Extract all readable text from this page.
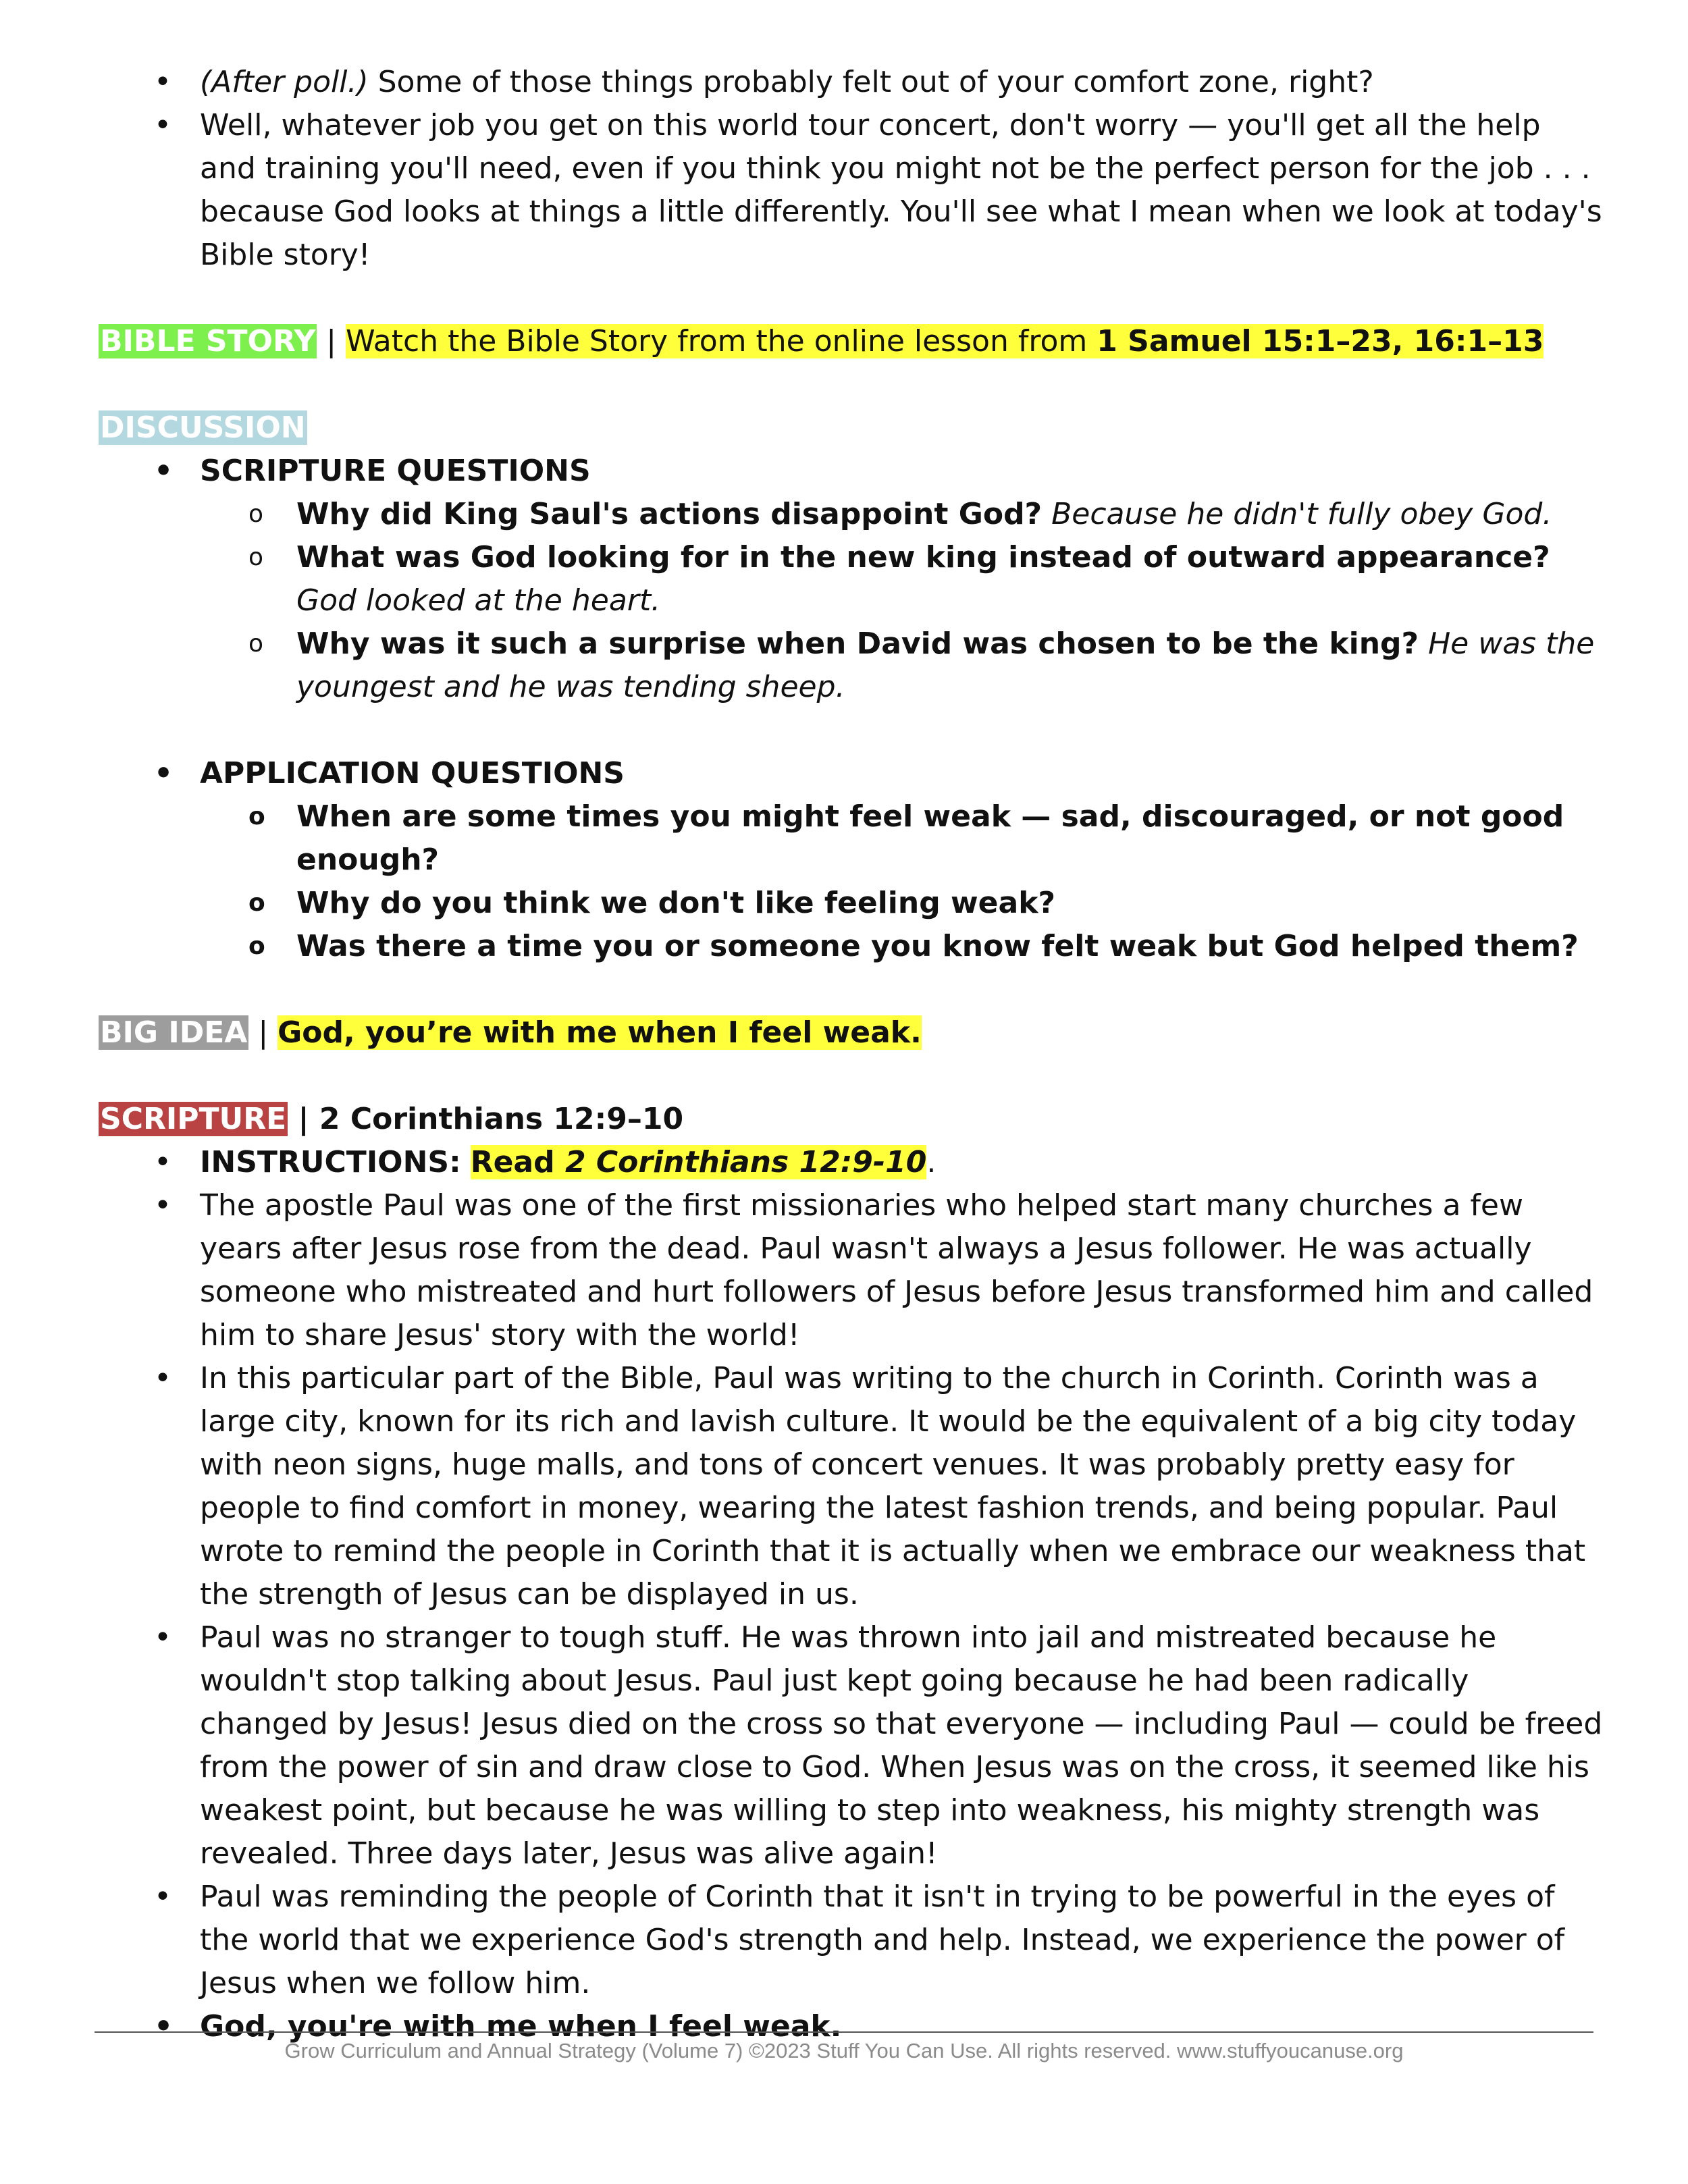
• (After poll.) Some of those things probably felt out of your comfort zone, right?
• Well, whatever job you get on this world tour concert, don't worry — you'll get all the help and training you'll need, even if you think you might not be the perfect person for the job . . . because God looks at things a little differently. You'll see what I mean when we look at today's Bible story!
BIBLE STORY | Watch the Bible Story from the online lesson from 1 Samuel 15:1–23, 16:1–13
DISCUSSION
• SCRIPTURE QUESTIONS
o Why did King Saul's actions disappoint God? Because he didn't fully obey God.
o What was God looking for in the new king instead of outward appearance? God looked at the heart.
o Why was it such a surprise when David was chosen to be the king? He was the youngest and he was tending sheep.
• APPLICATION QUESTIONS
o When are some times you might feel weak — sad, discouraged, or not good enough?
o Why do you think we don't like feeling weak?
o Was there a time you or someone you know felt weak but God helped them?
BIG IDEA | God, you’re with me when I feel weak.
SCRIPTURE | 2 Corinthians 12:9–10
• INSTRUCTIONS: Read 2 Corinthians 12:9-10.
• The apostle Paul was one of the first missionaries who helped start many churches a few years after Jesus rose from the dead. Paul wasn't always a Jesus follower. He was actually someone who mistreated and hurt followers of Jesus before Jesus transformed him and called him to share Jesus' story with the world!
• In this particular part of the Bible, Paul was writing to the church in Corinth. Corinth was a large city, known for its rich and lavish culture. It would be the equivalent of a big city today with neon signs, huge malls, and tons of concert venues. It was probably pretty easy for people to find comfort in money, wearing the latest fashion trends, and being popular. Paul wrote to remind the people in Corinth that it is actually when we embrace our weakness that the strength of Jesus can be displayed in us.
• Paul was no stranger to tough stuff. He was thrown into jail and mistreated because he wouldn't stop talking about Jesus. Paul just kept going because he had been radically changed by Jesus! Jesus died on the cross so that everyone — including Paul — could be freed from the power of sin and draw close to God. When Jesus was on the cross, it seemed like his weakest point, but because he was willing to step into weakness, his mighty strength was revealed. Three days later, Jesus was alive again!
• Paul was reminding the people of Corinth that it isn't in trying to be powerful in the eyes of the world that we experience God's strength and help. Instead, we experience the power of Jesus when we follow him.
• God, you're with me when I feel weak.
Grow Curriculum and Annual Strategy (Volume 7) ©2023 Stuff You Can Use. All rights reserved. www.stuffyoucanuse.org
